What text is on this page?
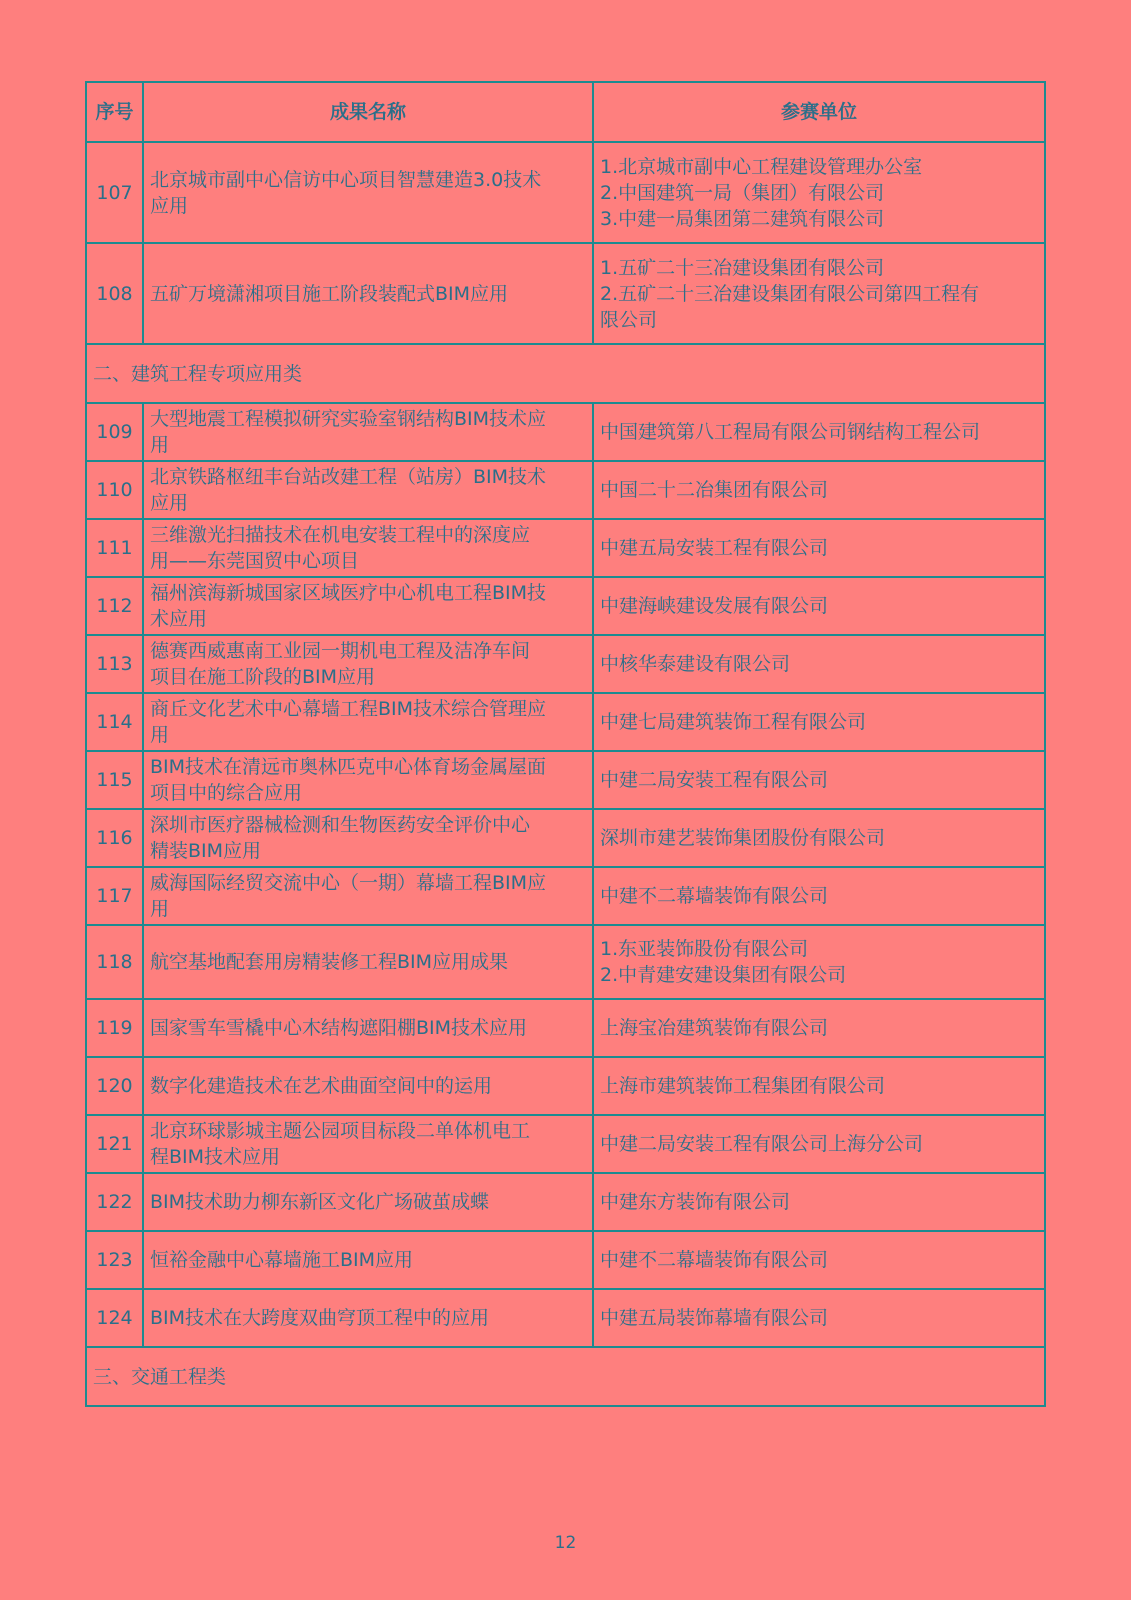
序号	成果名称	参赛单位
107	北京城市副中心信访中心项目智慧建造3.0技术
应用	1.北京城市副中心工程建设管理办公室
2.中国建筑一局（集团）有限公司
3.中建一局集团第二建筑有限公司
108	五矿万境潇湘项目施工阶段装配式BIM应用	1.五矿二十三冶建设集团有限公司
2.五矿二十三冶建设集团有限公司第四工程有
限公司
二、建筑工程专项应用类		
109	大型地震工程模拟研究实验室钢结构BIM技术应
用	中国建筑第八工程局有限公司钢结构工程公司
110	北京铁路枢纽丰台站改建工程（站房）BIM技术
应用	中国二十二冶集团有限公司
111	三维激光扫描技术在机电安装工程中的深度应
用——东莞国贸中心项目	中建五局安装工程有限公司
112	福州滨海新城国家区域医疗中心机电工程BIM技
术应用	中建海峡建设发展有限公司
113	德赛西威惠南工业园一期机电工程及洁净车间
项目在施工阶段的BIM应用	中核华泰建设有限公司
114	商丘文化艺术中心幕墙工程BIM技术综合管理应
用	中建七局建筑装饰工程有限公司
115	BIM技术在清远市奥林匹克中心体育场金属屋面
项目中的综合应用	中建二局安装工程有限公司
116	深圳市医疗器械检测和生物医药安全评价中心
精装BIM应用	深圳市建艺装饰集团股份有限公司
117	威海国际经贸交流中心（一期）幕墙工程BIM应
用	中建不二幕墙装饰有限公司
118	航空基地配套用房精装修工程BIM应用成果	1.东亚装饰股份有限公司
2.中青建安建设集团有限公司
119	国家雪车雪橇中心木结构遮阳棚BIM技术应用	上海宝冶建筑装饰有限公司
120	数字化建造技术在艺术曲面空间中的运用	上海市建筑装饰工程集团有限公司
121	北京环球影城主题公园项目标段二单体机电工
程BIM技术应用	中建二局安装工程有限公司上海分公司
122	BIM技术助力柳东新区文化广场破茧成蝶	中建东方装饰有限公司
123	恒裕金融中心幕墙施工BIM应用	中建不二幕墙装饰有限公司
124	BIM技术在大跨度双曲穹顶工程中的应用	中建五局装饰幕墙有限公司
三、交通工程类		
12
